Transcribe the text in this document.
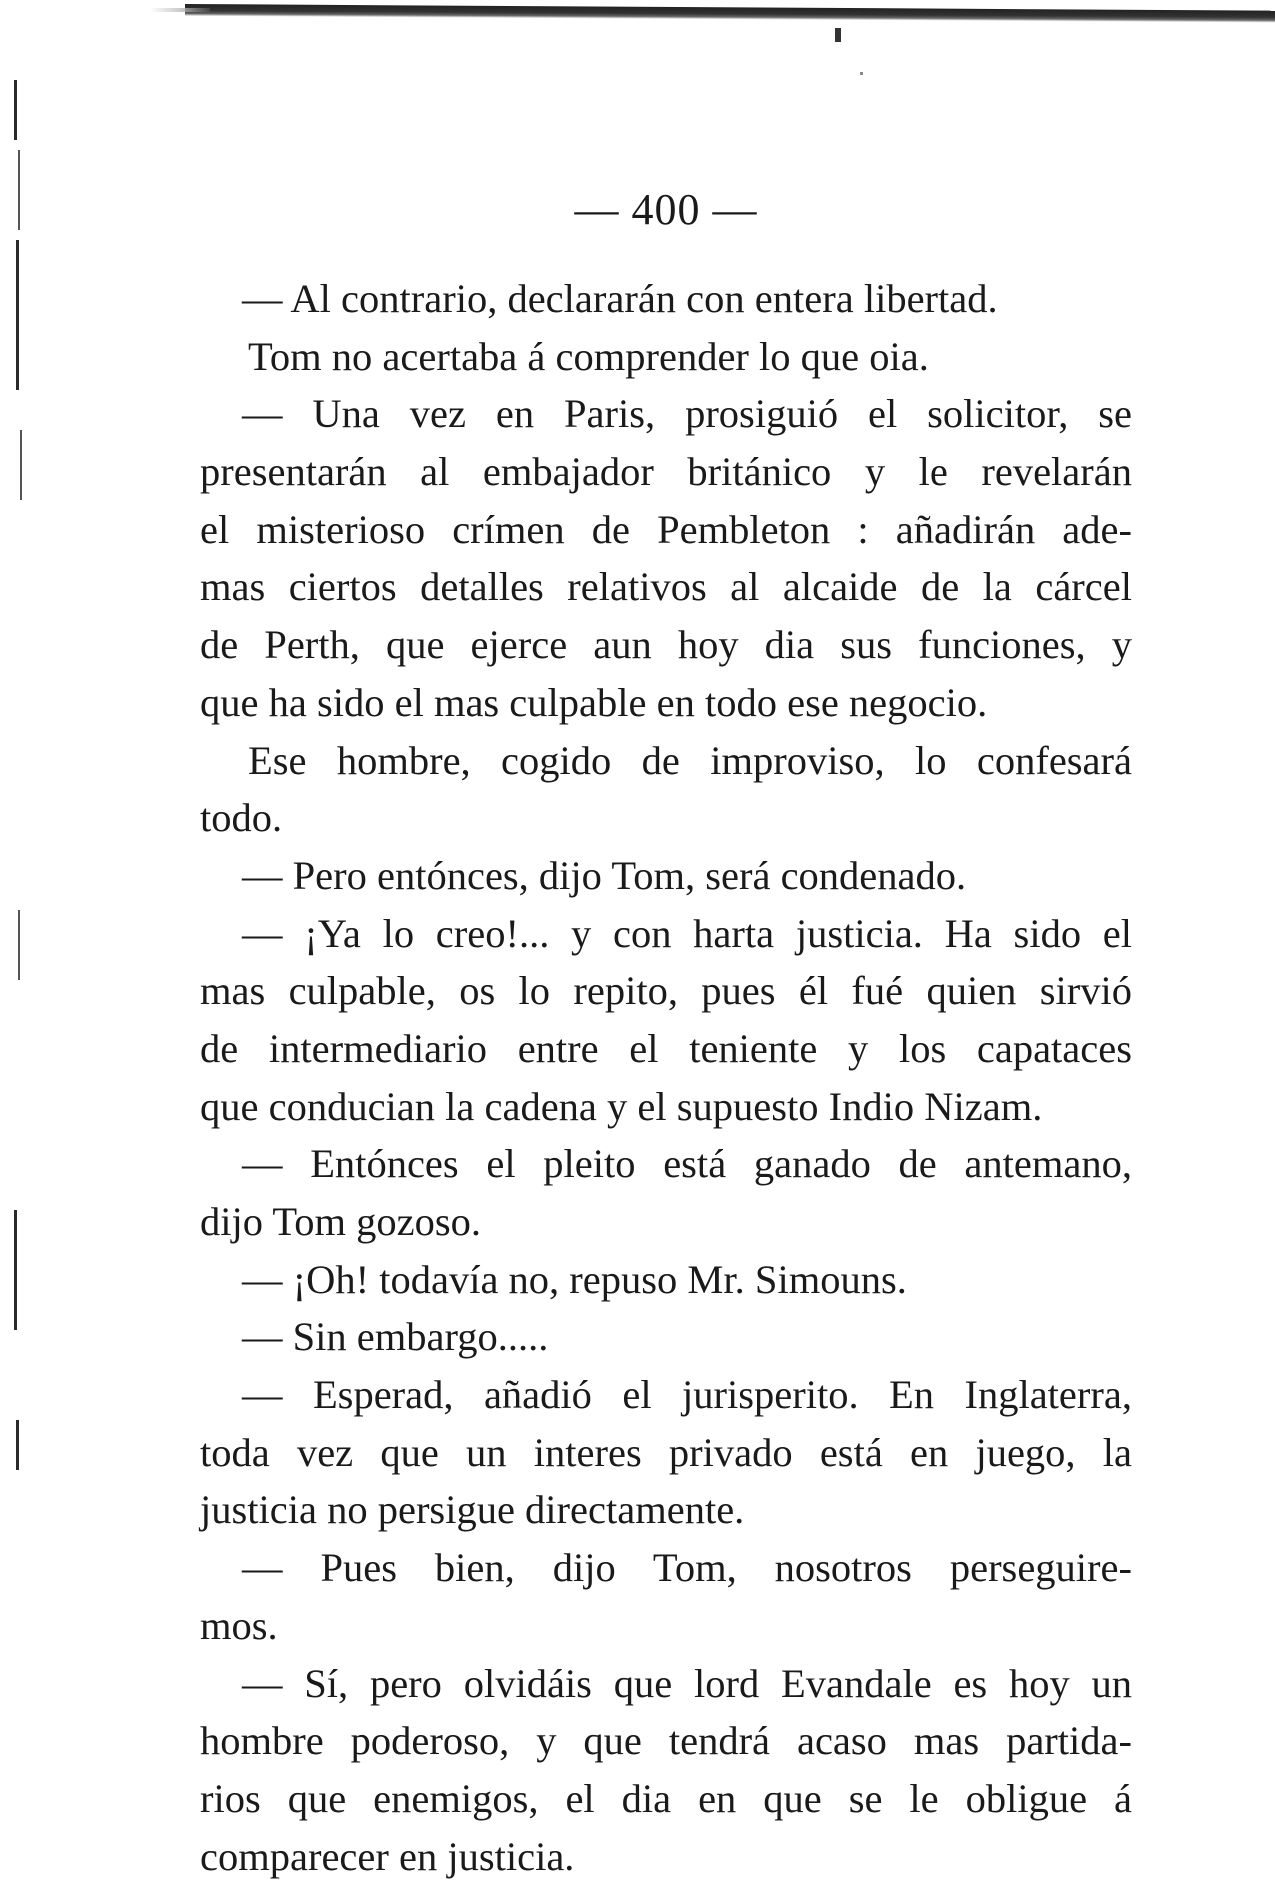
— 400 —
— Al contrario, declararán con entera libertad.
Tom no acertaba á comprender lo que oia.
— Una vez en Paris, prosiguió el solicitor, se
presentarán al embajador británico y le revelarán
el misterioso crímen de Pembleton : añadirán ade-
mas ciertos detalles relativos al alcaide de la cárcel
de Perth, que ejerce aun hoy dia sus funciones, y
que ha sido el mas culpable en todo ese negocio.
Ese hombre, cogido de improviso, lo confesará
todo.
— Pero entónces, dijo Tom, será condenado.
— ¡Ya lo creo!... y con harta justicia. Ha sido el
mas culpable, os lo repito, pues él fué quien sirvió
de intermediario entre el teniente y los capataces
que conducian la cadena y el supuesto Indio Nizam.
— Entónces el pleito está ganado de antemano,
dijo Tom gozoso.
— ¡Oh! todavía no, repuso Mr. Simouns.
— Sin embargo.....
— Esperad, añadió el jurisperito. En Inglaterra,
toda vez que un interes privado está en juego, la
justicia no persigue directamente.
— Pues bien, dijo Tom, nosotros perseguire-
mos.
— Sí, pero olvidáis que lord Evandale es hoy un
hombre poderoso, y que tendrá acaso mas partida-
rios que enemigos, el dia en que se le obligue á
comparecer en justicia.
